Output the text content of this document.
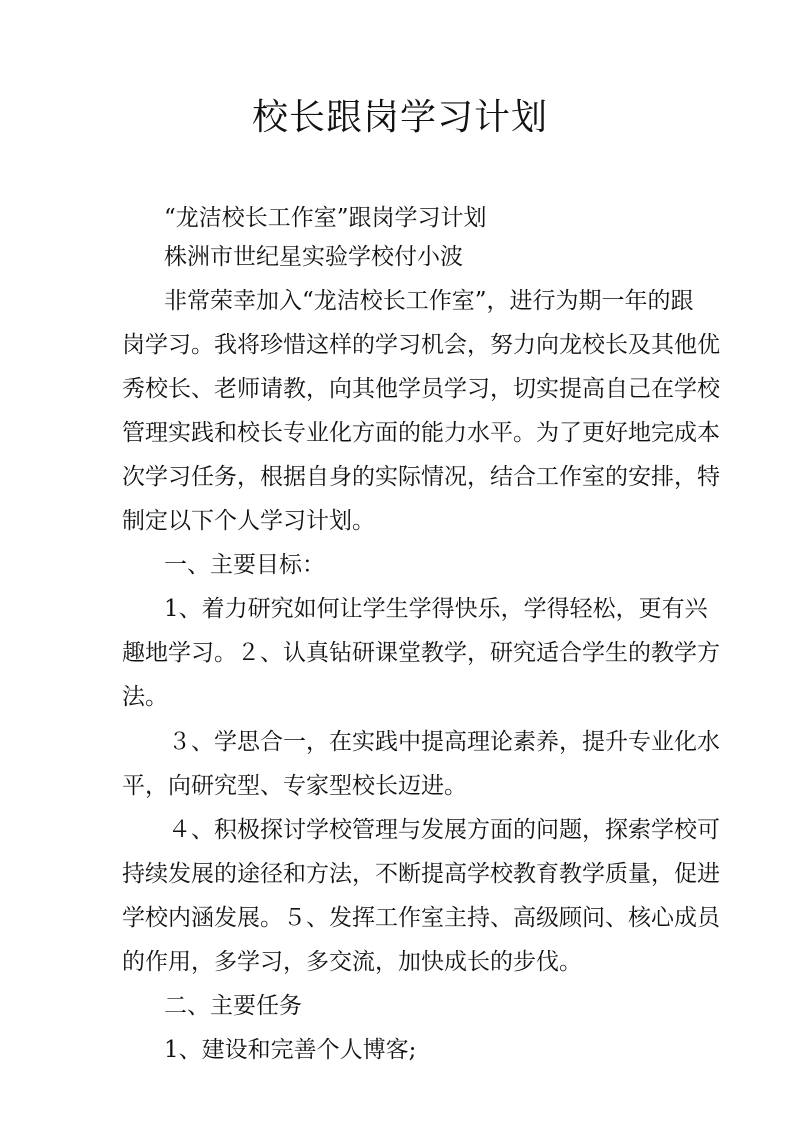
校长跟岗学习计划
“龙洁校长工作室”跟岗学习计划
株洲市世纪星实验学校付小波
非常荣幸加入“龙洁校长工作室”，进行为期一年的跟
岗学习。我将珍惜这样的学习机会，努力向龙校长及其他优
秀校长、老师请教，向其他学员学习，切实提高自己在学校
管理实践和校长专业化方面的能力水平。为了更好地完成本
次学习任务，根据自身的实际情况，结合工作室的安排，特
制定以下个人学习计划。
一、主要目标：
1、着力研究如何让学生学得快乐，学得轻松，更有兴
趣地学习。２、认真钻研课堂教学，研究适合学生的教学方
法。
３、学思合一，在实践中提高理论素养，提升专业化水
平，向研究型、专家型校长迈进。
４、积极探讨学校管理与发展方面的问题，探索学校可
持续发展的途径和方法，不断提高学校教育教学质量，促进
学校内涵发展。５、发挥工作室主持、高级顾问、核心成员
的作用，多学习，多交流，加快成长的步伐。
二、主要任务
1、建设和完善个人博客;
